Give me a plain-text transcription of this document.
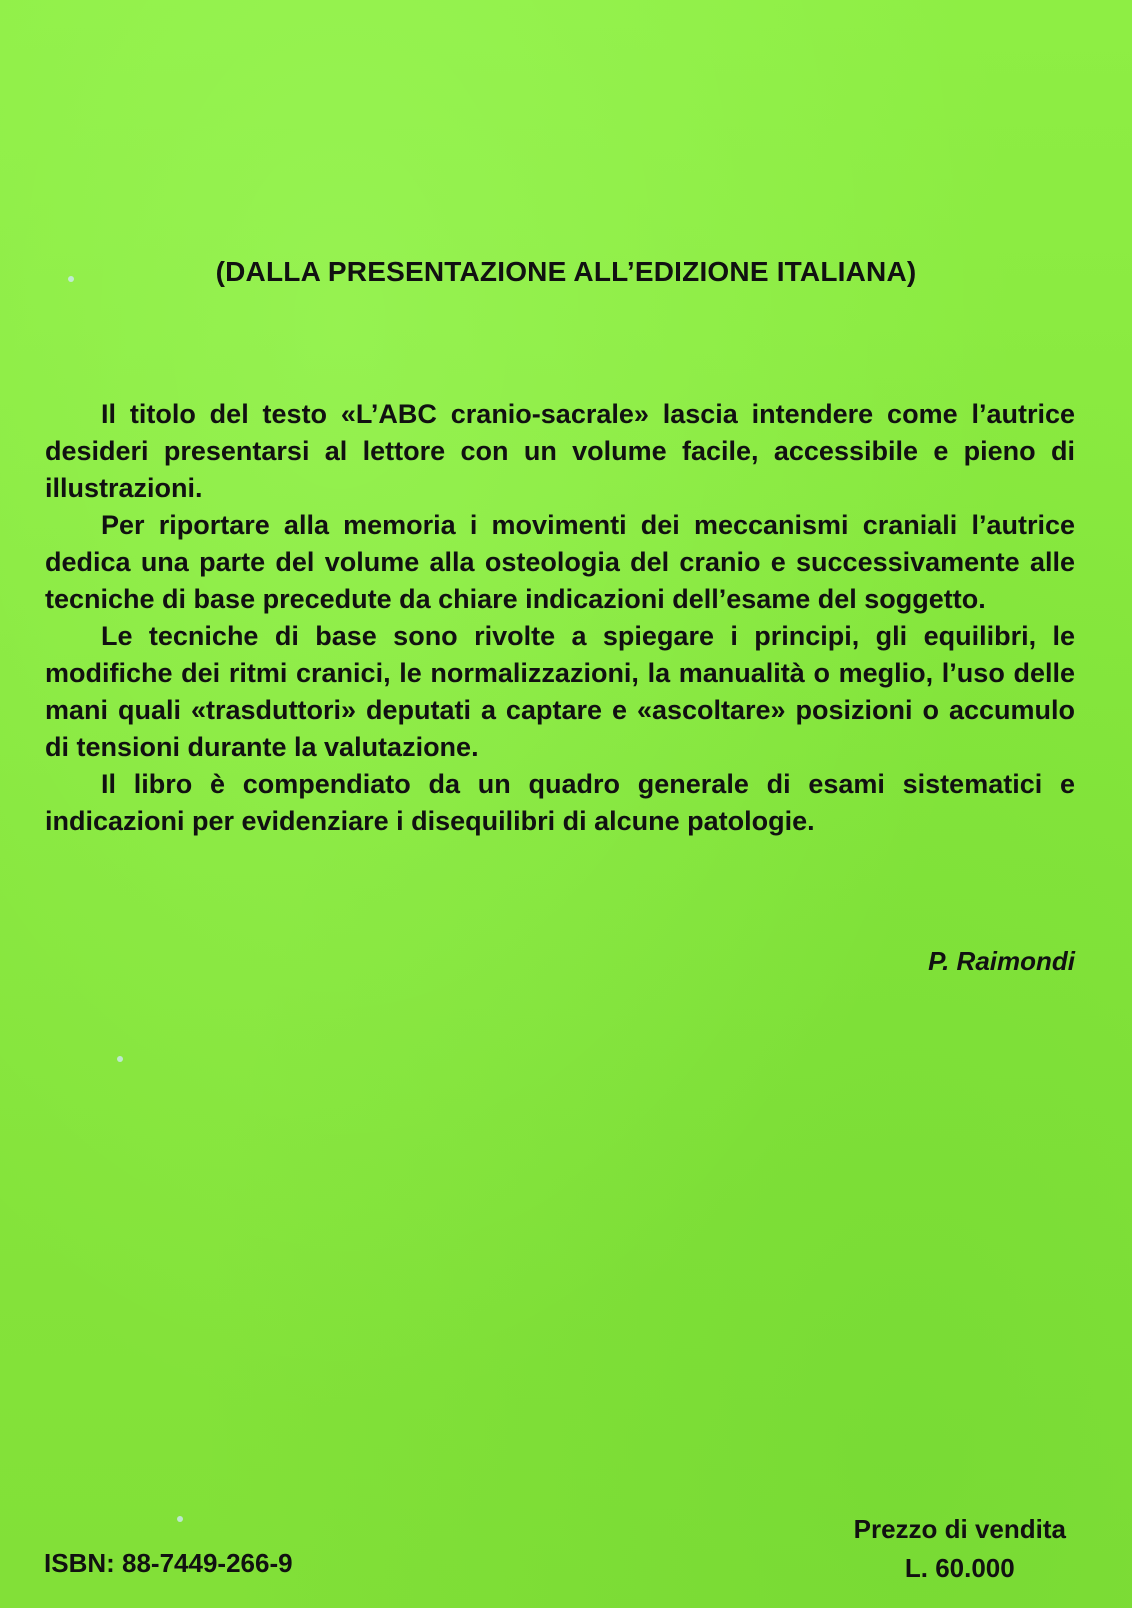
(DALLA PRESENTAZIONE ALL’EDIZIONE ITALIANA)

Il titolo del testo «L’ABC cranio-sacrale» lascia intendere come l’autrice desideri presentarsi al lettore con un volume facile, accessibile e pieno di illustrazioni.

Per riportare alla memoria i movimenti dei meccanismi craniali l’autrice dedica una parte del volume alla osteologia del cranio e successivamente alle tecniche di base precedute da chiare indicazioni dell’esame del soggetto.

Le tecniche di base sono rivolte a spiegare i principi, gli equilibri, le modifiche dei ritmi cranici, le normalizzazioni, la manualità o meglio, l’uso delle mani quali «trasduttori» deputati a captare e «ascoltare» posizioni o accumulo di tensioni durante la valutazione.

Il libro è compendiato da un quadro generale di esami sistematici e indicazioni per evidenziare i disequilibri di alcune patologie.

P. Raimondi
ISBN: 88-7449-266-9
Prezzo di vendita
L. 60.000
